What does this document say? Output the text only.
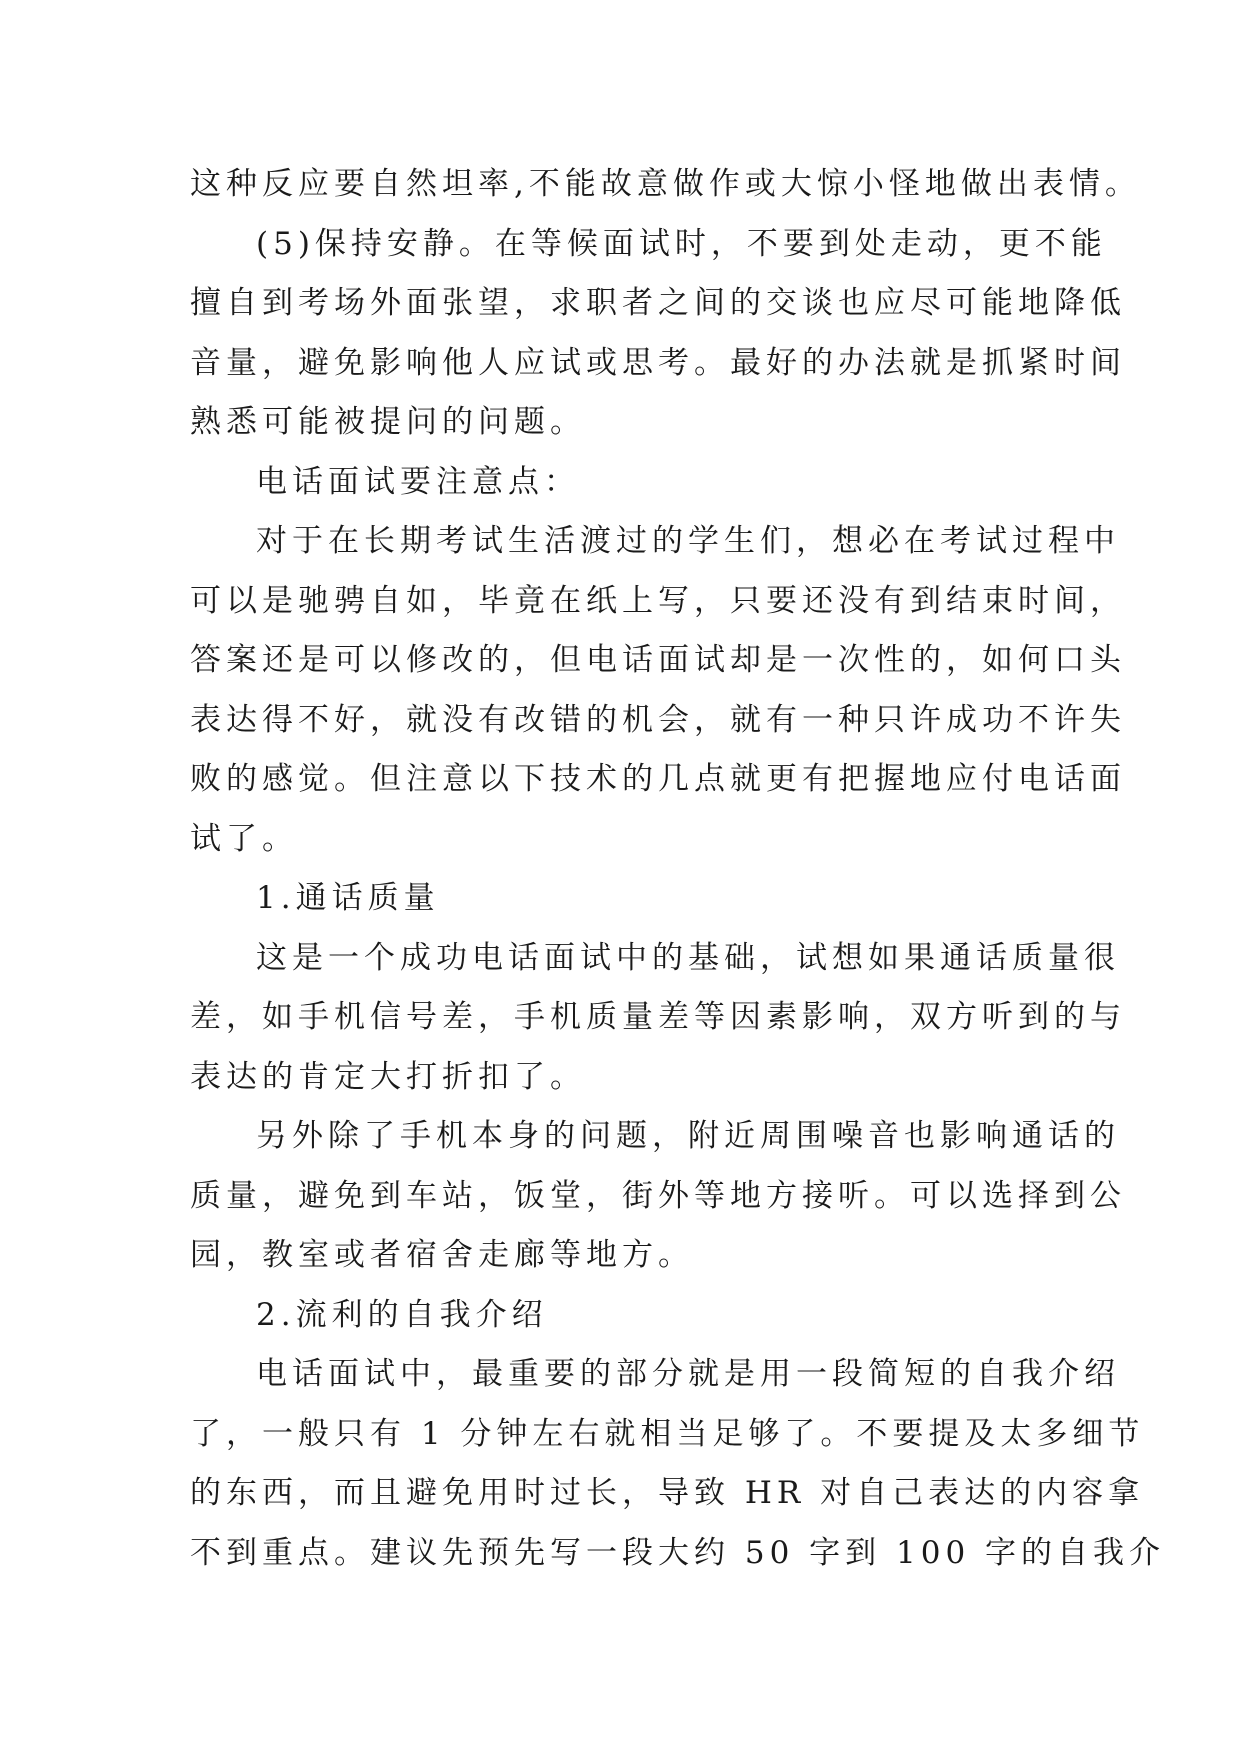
这种反应要自然坦率,不能故意做作或大惊小怪地做出表情。
(5)保持安静。在等候面试时，不要到处走动，更不能
擅自到考场外面张望，求职者之间的交谈也应尽可能地降低
音量，避免影响他人应试或思考。最好的办法就是抓紧时间
熟悉可能被提问的问题。
电话面试要注意点：
对于在长期考试生活渡过的学生们，想必在考试过程中
可以是驰骋自如，毕竟在纸上写，只要还没有到结束时间，
答案还是可以修改的，但电话面试却是一次性的，如何口头
表达得不好，就没有改错的机会，就有一种只许成功不许失
败的感觉。但注意以下技术的几点就更有把握地应付电话面
试了。
1.通话质量
这是一个成功电话面试中的基础，试想如果通话质量很
差，如手机信号差，手机质量差等因素影响，双方听到的与
表达的肯定大打折扣了。
另外除了手机本身的问题，附近周围噪音也影响通话的
质量，避免到车站，饭堂，街外等地方接听。可以选择到公
园，教室或者宿舍走廊等地方。
2.流利的自我介绍
电话面试中，最重要的部分就是用一段简短的自我介绍
了，一般只有 1 分钟左右就相当足够了。不要提及太多细节
的东西，而且避免用时过长，导致 HR 对自己表达的内容拿
不到重点。建议先预先写一段大约 50 字到 100 字的自我介
